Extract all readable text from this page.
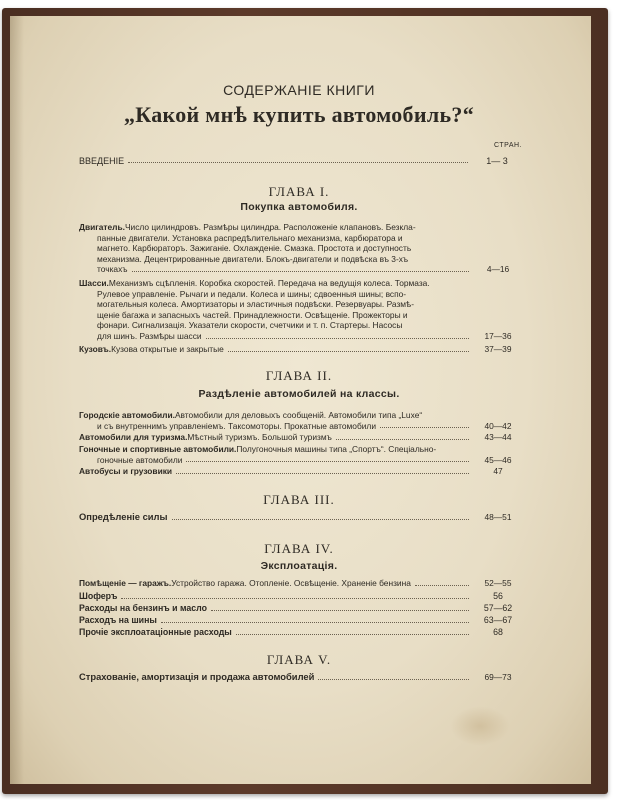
СОДЕРЖАНІЕ КНИГИ
„Какой мнѣ купить автомобиль?“
СТРАН.
ВВЕДЕНІЕ	1— 3
ГЛАВА I.
Покупка автомобиля.
Двигатель. Число цилиндровъ. Размѣры цилиндра. Расположеніе клапановъ. Безкла-
панные двигатели. Установка распредѣлительнаго механизма, карбюратора и
магнето. Карбюраторъ. Зажиганіе. Охлажденіе. Смазка. Простота и доступность
механизма. Децентрированные двигатели. Блокъ-двигатели и подвѣска въ 3-хъ
точкахъ	4—16
Шасси. Механизмъ сцѣпленія. Коробка скоростей. Передача на ведущія колеса. Тормаза.
Рулевое управленіе. Рычаги и педали. Колеса и шины; сдвоенныя шины; вспо-
могательныя колеса. Амортизаторы и эластичныя подвѣски. Резервуары. Размѣ-
щеніе багажа и запасныхъ частей. Принадлежности. Освѣщеніе. Прожекторы и
фонари. Сигнализація. Указатели скорости, счетчики и т. п. Стартеры. Насосы
для шинъ. Размѣры шасси	17—36
Кузовъ. Кузова открытые и закрытые	37—39
ГЛАВА II.
Раздѣленіе автомобилей на классы.
Городскіе автомобили. Автомобили для деловыхъ сообщеній. Автомобили типа „Luxe“
и съ внутреннимъ управленіемъ. Таксомоторы. Прокатные автомобили	40—42
Автомобили для туризма. Мѣстный туризмъ. Большой туризмъ	43—44
Гоночные и спортивные автомобили. Полугоночныя машины типа „Спортъ“. Спеціально-
гоночные автомобили	45—46
Автобусы и грузовики	47
ГЛАВА III.
Опредѣленіе силы	48—51
ГЛАВА IV.
Эксплоатація.
Помѣщеніе — гаражъ. Устройство гаража. Отопленіе. Освѣщеніе. Храненіе бензина	52—55
Шоферъ	56
Расходы на бензинъ и масло	57—62
Расходъ на шины	63—67
Прочіе эксплоатаціонные расходы	68
ГЛАВА V.
Страхованіе, амортизація и продажа автомобилей	69—73
